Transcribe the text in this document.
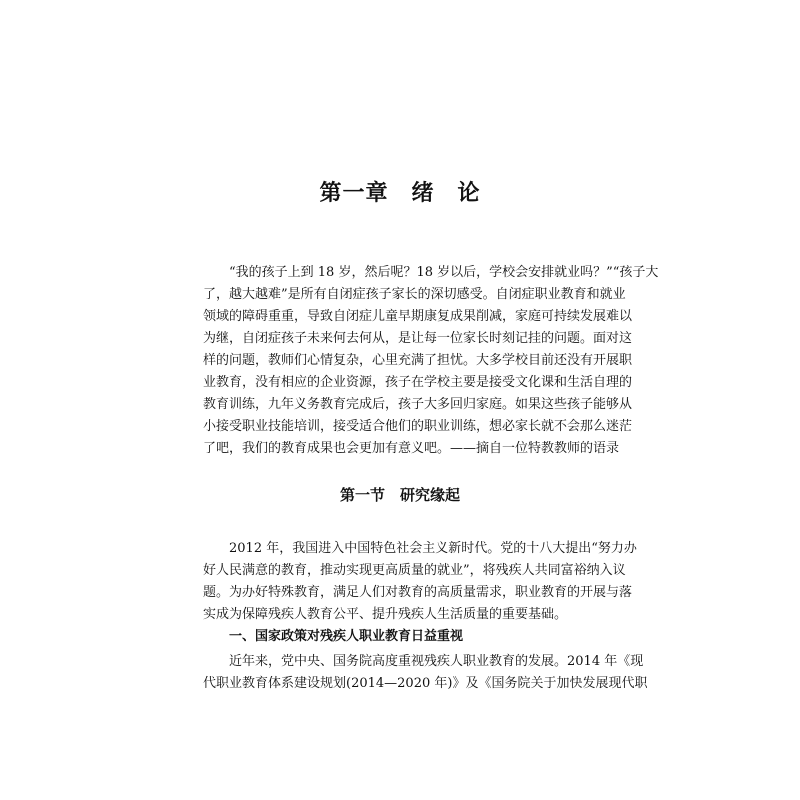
第一章　绪　论
“我的孩子上到 18 岁，然后呢？18 岁以后，学校会安排就业吗？”“孩子大
了，越大越难”是所有自闭症孩子家长的深切感受。自闭症职业教育和就业
领域的障碍重重，导致自闭症儿童早期康复成果削减，家庭可持续发展难以
为继，自闭症孩子未来何去何从，是让每一位家长时刻记挂的问题。面对这
样的问题，教师们心情复杂，心里充满了担忧。大多学校目前还没有开展职
业教育，没有相应的企业资源，孩子在学校主要是接受文化课和生活自理的
教育训练，九年义务教育完成后，孩子大多回归家庭。如果这些孩子能够从
小接受职业技能培训，接受适合他们的职业训练，想必家长就不会那么迷茫
了吧，我们的教育成果也会更加有意义吧。——摘自一位特教教师的语录
第一节　研究缘起
2012 年，我国进入中国特色社会主义新时代。党的十八大提出“努力办
好人民满意的教育，推动实现更高质量的就业”，将残疾人共同富裕纳入议
题。为办好特殊教育，满足人们对教育的高质量需求，职业教育的开展与落
实成为保障残疾人教育公平、提升残疾人生活质量的重要基础。
一、国家政策对残疾人职业教育日益重视
近年来，党中央、国务院高度重视残疾人职业教育的发展。2014 年《现
代职业教育体系建设规划(2014—2020 年)》及《国务院关于加快发展现代职
